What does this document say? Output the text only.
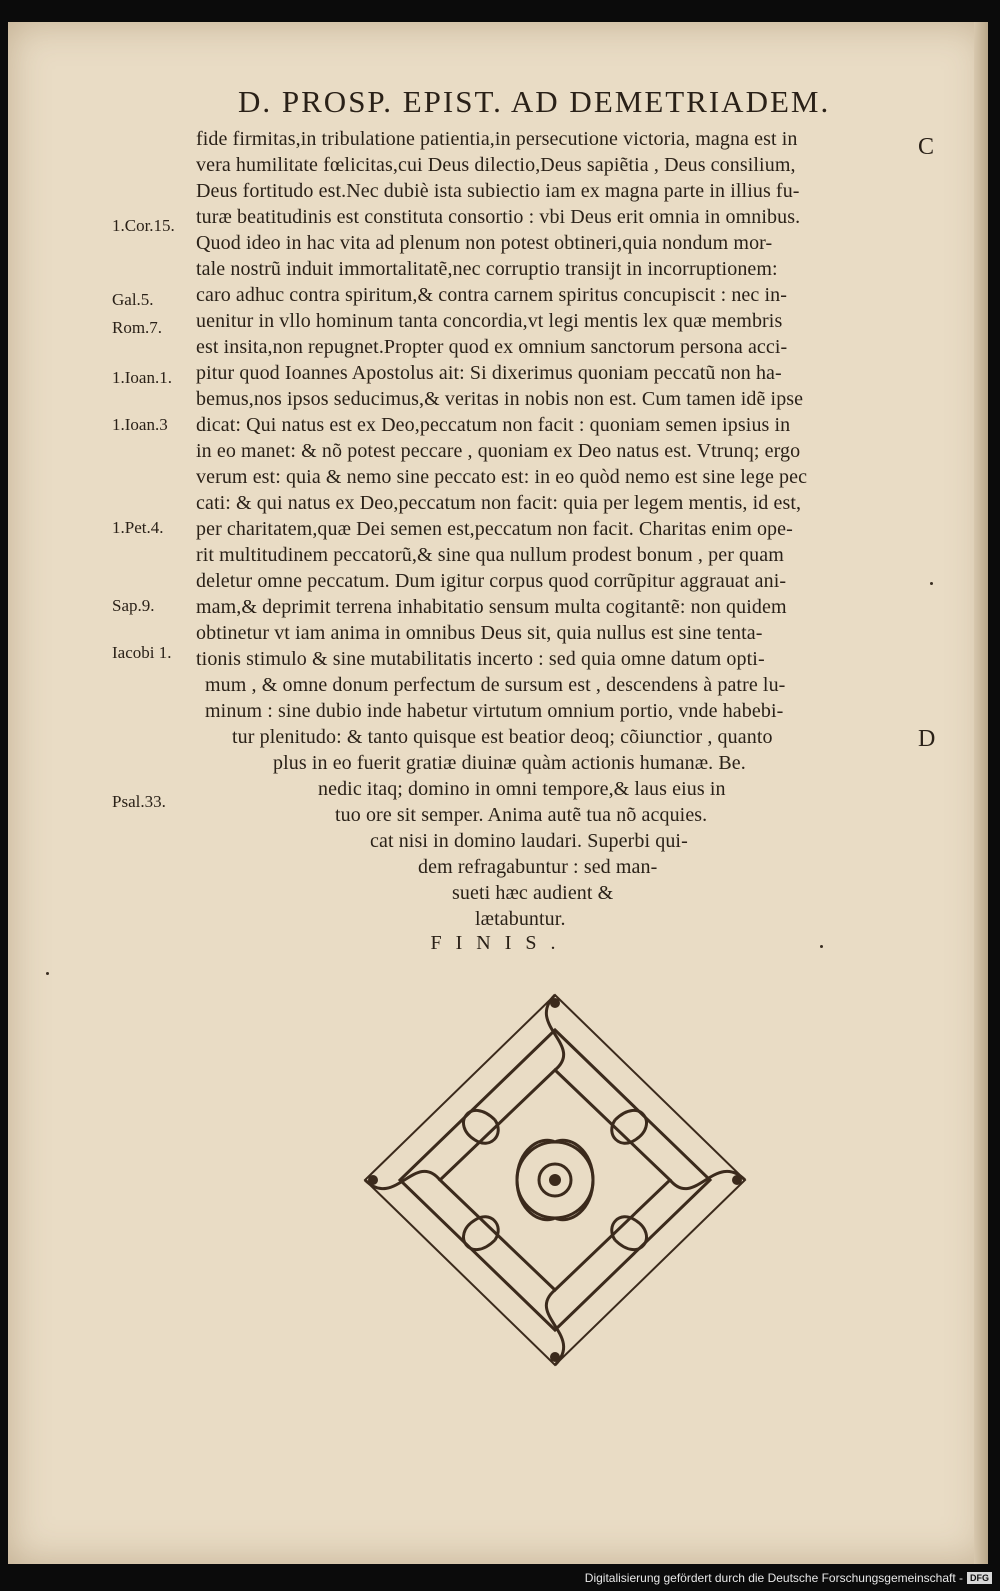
D. PROSP. EPIST. AD DEMETRIADEM.
C
D
1.Cor.15.
Gal.5.
Rom.7.
1.Ioan.1.
1.Ioan.3
1.Pet.4.
Sap.9.
Iacobi 1.
Psal.33.
fide firmitas,in tribulatione patientia,in persecutione victoria, magna est in
vera humilitate fœlicitas,cui Deus dilectio,Deus sapiẽtia , Deus consilium,
Deus fortitudo est.Nec dubiè ista subiectio iam ex magna parte in illius fu-
turæ beatitudinis est constituta consortio : vbi Deus erit omnia in omnibus.
Quod ideo in hac vita ad plenum non potest obtineri,quia nondum mor-
tale nostrũ induit immortalitatẽ,nec corruptio transijt in incorruptionem:
caro adhuc contra spiritum,& contra carnem spiritus concupiscit : nec in-
uenitur in vllo hominum tanta concordia,vt legi mentis lex quæ membris
est insita,non repugnet.Propter quod ex omnium sanctorum persona acci-
pitur quod Ioannes Apostolus ait: Si dixerimus quoniam peccatũ non ha-
bemus,nos ipsos seducimus,& veritas in nobis non est. Cum tamen idẽ ipse
dicat: Qui natus est ex Deo,peccatum non facit : quoniam semen ipsius in
in eo manet: & nõ potest peccare , quoniam ex Deo natus est. Vtrunq; ergo
verum est: quia & nemo sine peccato est: in eo quòd nemo est sine lege pec
cati: & qui natus ex Deo,peccatum non facit: quia per legem mentis, id est,
per charitatem,quæ Dei semen est,peccatum non facit. Charitas enim ope-
rit multitudinem peccatorũ,& sine qua nullum prodest bonum , per quam
deletur omne peccatum. Dum igitur corpus quod corrũpitur aggrauat ani-
mam,& deprimit terrena inhabitatio sensum multa cogitantẽ: non quidem
obtinetur vt iam anima in omnibus Deus sit, quia nullus est sine tenta-
tionis stimulo & sine mutabilitatis incerto : sed quia omne datum opti-
mum , & omne donum perfectum de sursum est , descendens à patre lu-
minum : sine dubio inde habetur virtutum omnium portio, vnde habebi-
tur plenitudo: & tanto quisque est beatior deoq; cõiunctior , quanto
plus in eo fuerit gratiæ diuinæ quàm actionis humanæ. Be.
nedic itaq; domino in omni tempore,& laus eius in
tuo ore sit semper. Anima autẽ tua nõ acquies.
cat nisi in domino laudari. Superbi qui-
dem refragabuntur : sed man-
sueti hæc audient &
lætabuntur.
FINIS.
Digitalisierung gefördert durch die Deutsche Forschungsgemeinschaft - DFG
